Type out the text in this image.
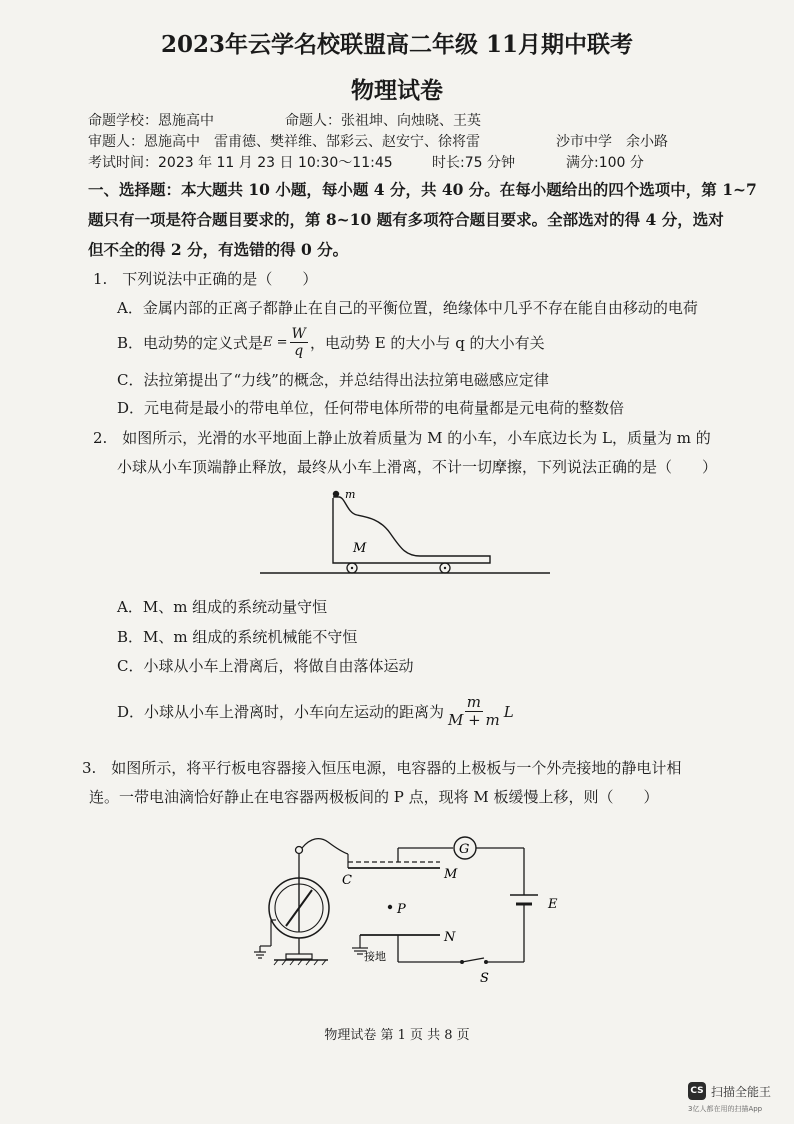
2023年云学名校联盟高二年级 11月期中联考
物理试卷
命题学校：恩施高中	命题人：张祖坤、向烛晓、王英
审题人：恩施高中　雷甫德、樊祥维、郜彩云、赵安宁、徐将雷	沙市中学　余小路
考试时间：2023 年 11 月 23 日 10:30～11:45	时长:75 分钟	满分:100 分
一、选择题：本大题共 10 小题，每小题 4 分，共 40 分。在每小题给出的四个选项中，第 1~7
题只有一项是符合题目要求的，第 8~10 题有多项符合题目要求。全部选对的得 4 分，选对
但不全的得 2 分，有选错的得 0 分。
1.　下列说法中正确的是（　　）
A．金属内部的正离子都静止在自己的平衡位置，绝缘体中几乎不存在能自由移动的电荷
B．电动势的定义式是 $E = \frac{W}{q}$ ，电动势 E 的大小与 q 的大小有关
C．法拉第提出了“力线”的概念，并总结得出法拉第电磁感应定律
D．元电荷是最小的带电单位，任何带电体所带的电荷量都是元电荷的整数倍
2.　如图所示，光滑的水平地面上静止放着质量为 M 的小车，小车底边长为 L，质量为 m 的
小球从小车顶端静止释放，最终从小车上滑离，不计一切摩擦，下列说法正确的是（　　）
m
M
A．M、m 组成的系统动量守恒
B．M、m 组成的系统机械能不守恒
C．小球从小车上滑离后，将做自由落体运动
D．小球从小车上滑离时，小车向左运动的距离为 $\frac{m}{M + m}$ L
3.　如图所示，将平行板电容器接入恒压电源，电容器的上极板与一个外壳接地的静电计相
连。一带电油滴恰好静止在电容器两极板间的 P 点，现将 M 板缓慢上移，则（　　）
G
E
C	M
P
N
接地
S
物理试卷 第 1 页 共 8 页
CS 扫描全能王
3亿人都在用的扫描App
